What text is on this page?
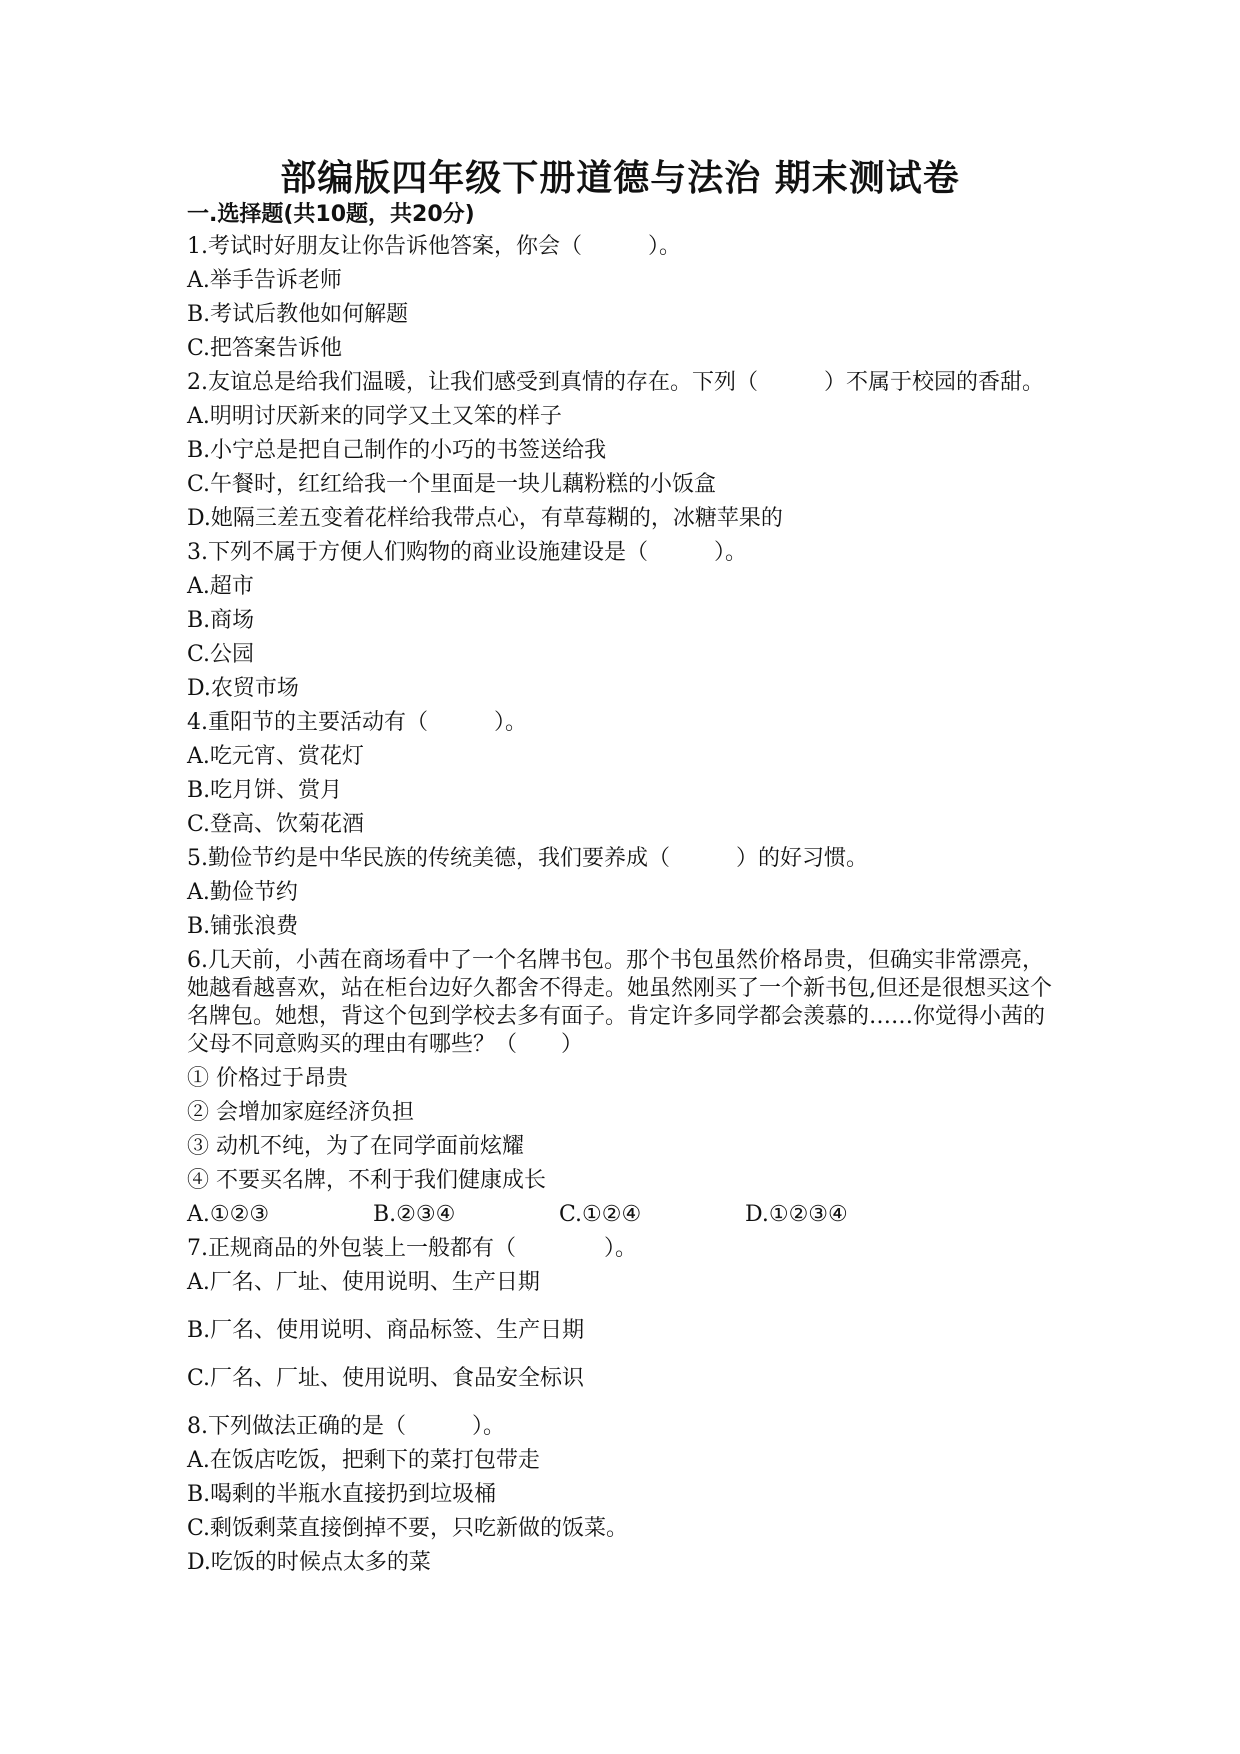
部编版四年级下册道德与法治 期末测试卷
一.选择题(共10题，共20分)
1.考试时好朋友让你告诉他答案，你会（　　　）。
A.举手告诉老师
B.考试后教他如何解题
C.把答案告诉他
2.友谊总是给我们温暖，让我们感受到真情的存在。下列（　　　）不属于校园的香甜。
A.明明讨厌新来的同学又土又笨的样子
B.小宁总是把自己制作的小巧的书签送给我
C.午餐时，红红给我一个里面是一块儿藕粉糕的小饭盒
D.她隔三差五变着花样给我带点心，有草莓糊的，冰糖苹果的
3.下列不属于方便人们购物的商业设施建设是（　　　）。
A.超市
B.商场
C.公园
D.农贸市场
4.重阳节的主要活动有（　　　）。
A.吃元宵、赏花灯
B.吃月饼、赏月
C.登高、饮菊花酒
5.勤俭节约是中华民族的传统美德，我们要养成（　　　）的好习惯。
A.勤俭节约
B.铺张浪费
6.几天前，小茜在商场看中了一个名牌书包。那个书包虽然价格昂贵，但确实非常漂亮，她越看越喜欢，站在柜台边好久都舍不得走。她虽然刚买了一个新书包,但还是很想买这个名牌包。她想，背这个包到学校去多有面子。肯定许多同学都会羡慕的……你觉得小茜的父母不同意购买的理由有哪些？（　　）
① 价格过于昂贵
② 会增加家庭经济负担
③ 动机不纯，为了在同学面前炫耀
④ 不要买名牌，不利于我们健康成长
A.①②③	B.②③④	C.①②④	D.①②③④
7.正规商品的外包装上一般都有（　　　　）。
A.厂名、厂址、使用说明、生产日期
B.厂名、使用说明、商品标签、生产日期
C.厂名、厂址、使用说明、食品安全标识
8.下列做法正确的是（　　　）。
A.在饭店吃饭，把剩下的菜打包带走
B.喝剩的半瓶水直接扔到垃圾桶
C.剩饭剩菜直接倒掉不要，只吃新做的饭菜。
D.吃饭的时候点太多的菜
